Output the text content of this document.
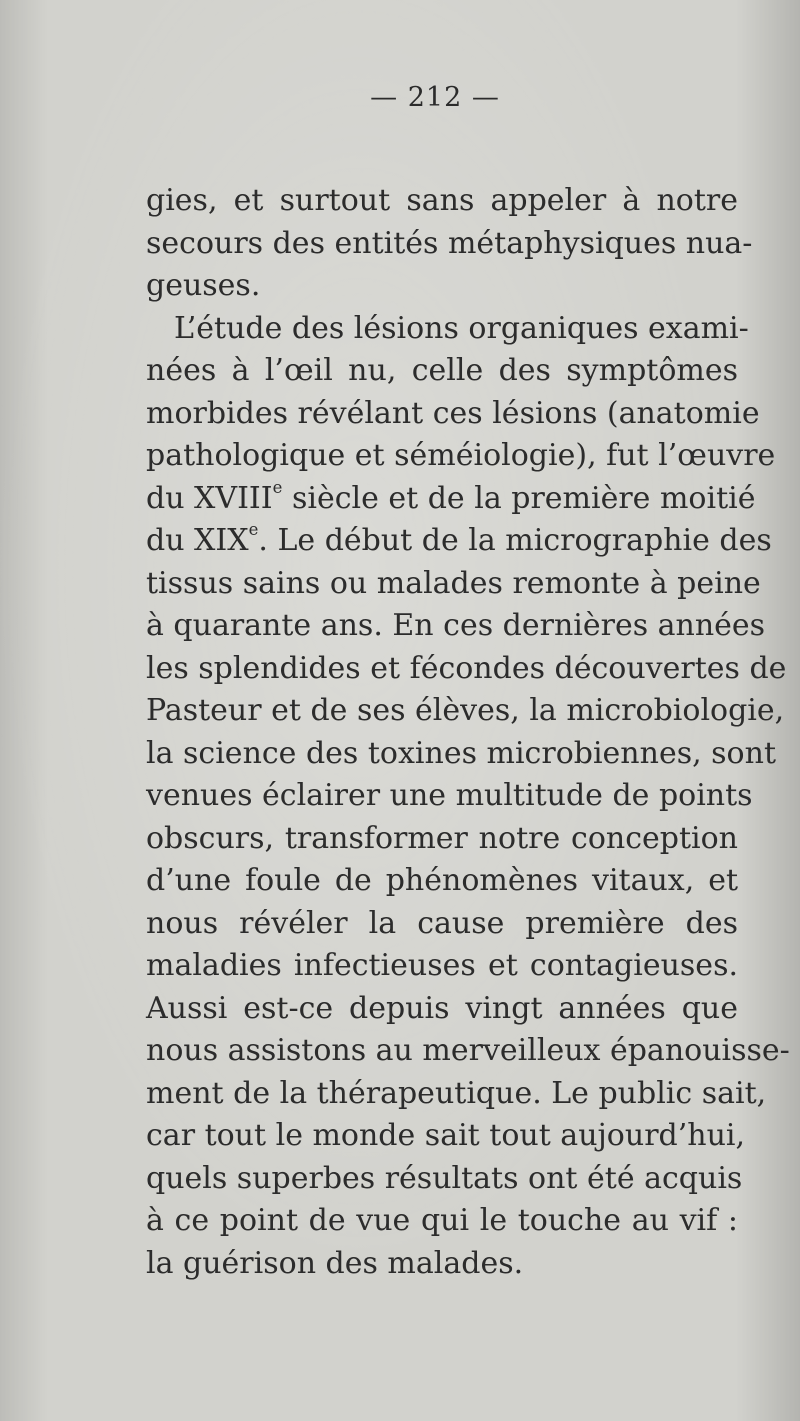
— 212 —
gies, et surtout sans appeler à notre
secours des entités métaphysiques nua-
geuses.
L’étude des lésions organiques exami-
nées à l’œil nu, celle des symptômes
morbides révélant ces lésions (anatomie
pathologique et séméiologie), fut l’œuvre
du XVIIIe siècle et de la première moitié
du XIXe. Le début de la micrographie des
tissus sains ou malades remonte à peine
à quarante ans. En ces dernières années
les splendides et fécondes découvertes de
Pasteur et de ses élèves, la microbiologie,
la science des toxines microbiennes, sont
venues éclairer une multitude de points
obscurs, transformer notre conception
d’une foule de phénomènes vitaux, et
nous révéler la cause première des
maladies infectieuses et contagieuses.
Aussi est-ce depuis vingt années que
nous assistons au merveilleux épanouisse-
ment de la thérapeutique. Le public sait,
car tout le monde sait tout aujourd’hui,
quels superbes résultats ont été acquis
à ce point de vue qui le touche au vif :
la guérison des malades.
